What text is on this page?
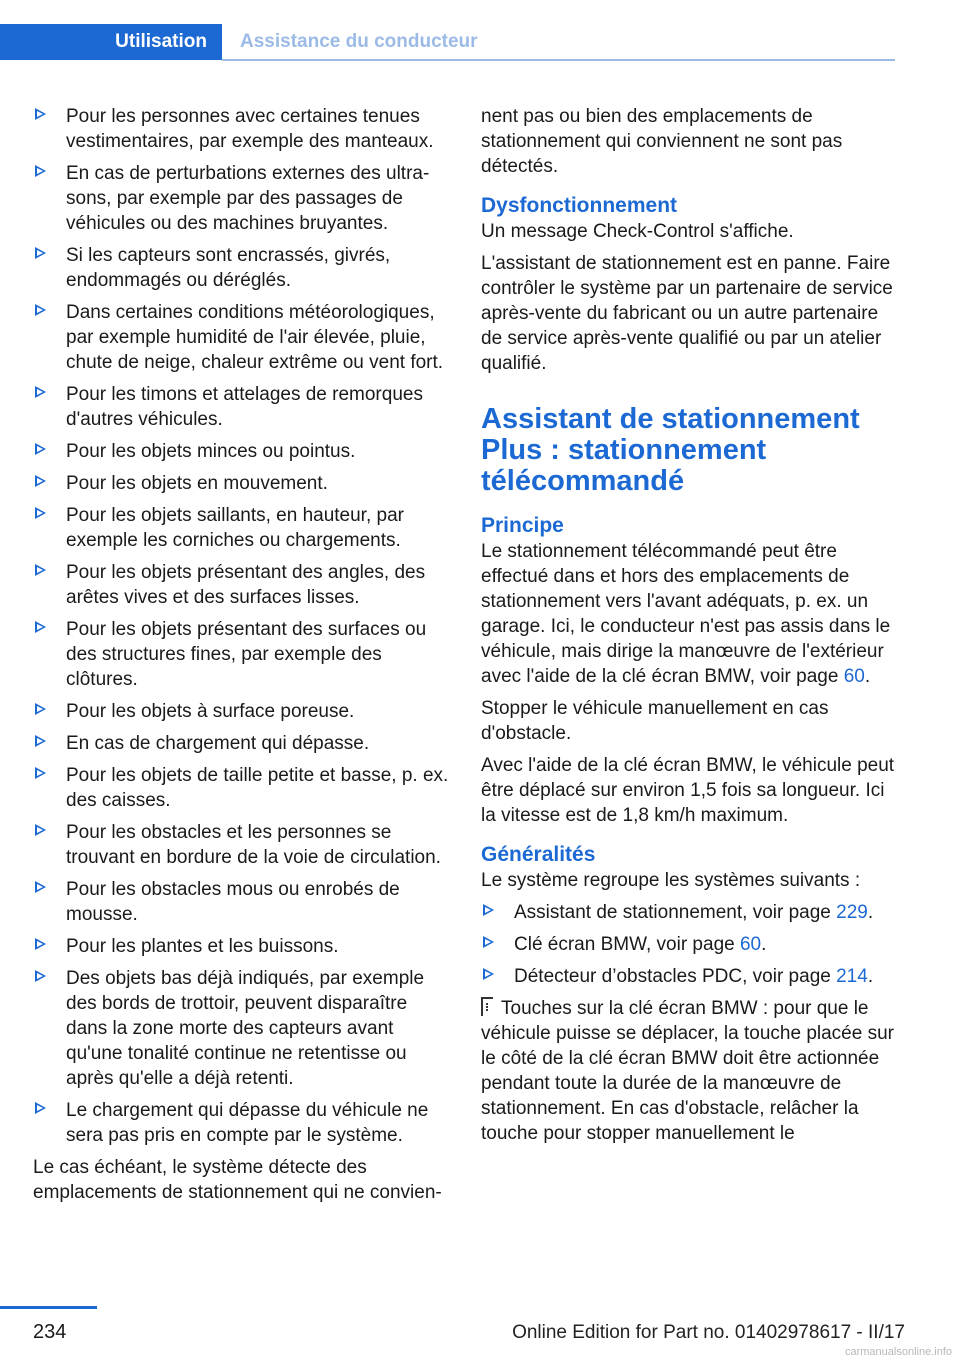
Utilisation Assistance du conducteur
Pour les personnes avec certaines tenues vestimentaires, par exemple des manteaux.
En cas de perturbations externes des ultra-sons, par exemple par des passages de véhicules ou des machines bruyantes.
Si les capteurs sont encrassés, givrés, endommagés ou déréglés.
Dans certaines conditions météorologiques, par exemple humidité de l'air élevée, pluie, chute de neige, chaleur extrême ou vent fort.
Pour les timons et attelages de remorques d'autres véhicules.
Pour les objets minces ou pointus.
Pour les objets en mouvement.
Pour les objets saillants, en hauteur, par exemple les corniches ou chargements.
Pour les objets présentant des angles, des arêtes vives et des surfaces lisses.
Pour les objets présentant des surfaces ou des structures fines, par exemple des clôtures.
Pour les objets à surface poreuse.
En cas de chargement qui dépasse.
Pour les objets de taille petite et basse, p. ex. des caisses.
Pour les obstacles et les personnes se trouvant en bordure de la voie de circulation.
Pour les obstacles mous ou enrobés de mousse.
Pour les plantes et les buissons.
Des objets bas déjà indiqués, par exemple des bords de trottoir, peuvent disparaître dans la zone morte des capteurs avant qu'une tonalité continue ne retentisse ou après qu'elle a déjà retenti.
Le chargement qui dépasse du véhicule ne sera pas pris en compte par le système.

Le cas échéant, le système détecte des emplacements de stationnement qui ne convien-

nent pas ou bien des emplacements de stationnement qui conviennent ne sont pas détectés.

Dysfonctionnement

Un message Check-Control s'affiche.

L'assistant de stationnement est en panne. Faire contrôler le système par un partenaire de service après-vente du fabricant ou un autre partenaire de service après-vente qualifié ou par un atelier qualifié.

Assistant de stationnement Plus : stationnement télécommandé
Principe

Le stationnement télécommandé peut être effectué dans et hors des emplacements de stationnement vers l'avant adéquats, p. ex. un garage. Ici, le conducteur n'est pas assis dans le véhicule, mais dirige la manœuvre de l'extérieur avec l'aide de la clé écran BMW, voir page 60.

Stopper le véhicule manuellement en cas d'obstacle.

Avec l'aide de la clé écran BMW, le véhicule peut être déplacé sur environ 1,5 fois sa longueur. Ici la vitesse est de 1,8 km/h maximum.

Généralités

Le système regroupe les systèmes suivants :

Assistant de stationnement, voir page 229.
Clé écran BMW, voir page 60.
Détecteur d’obstacles PDC, voir page 214.

Touches sur la clé écran BMW : pour que le véhicule puisse se déplacer, la touche placée sur le côté de la clé écran BMW doit être actionnée pendant toute la durée de la manœuvre de stationnement. En cas d'obstacle, relâcher la touche pour stopper manuellement le

234	Online Edition for Part no. 01402978617 - II/17
carmanualsonline.info
